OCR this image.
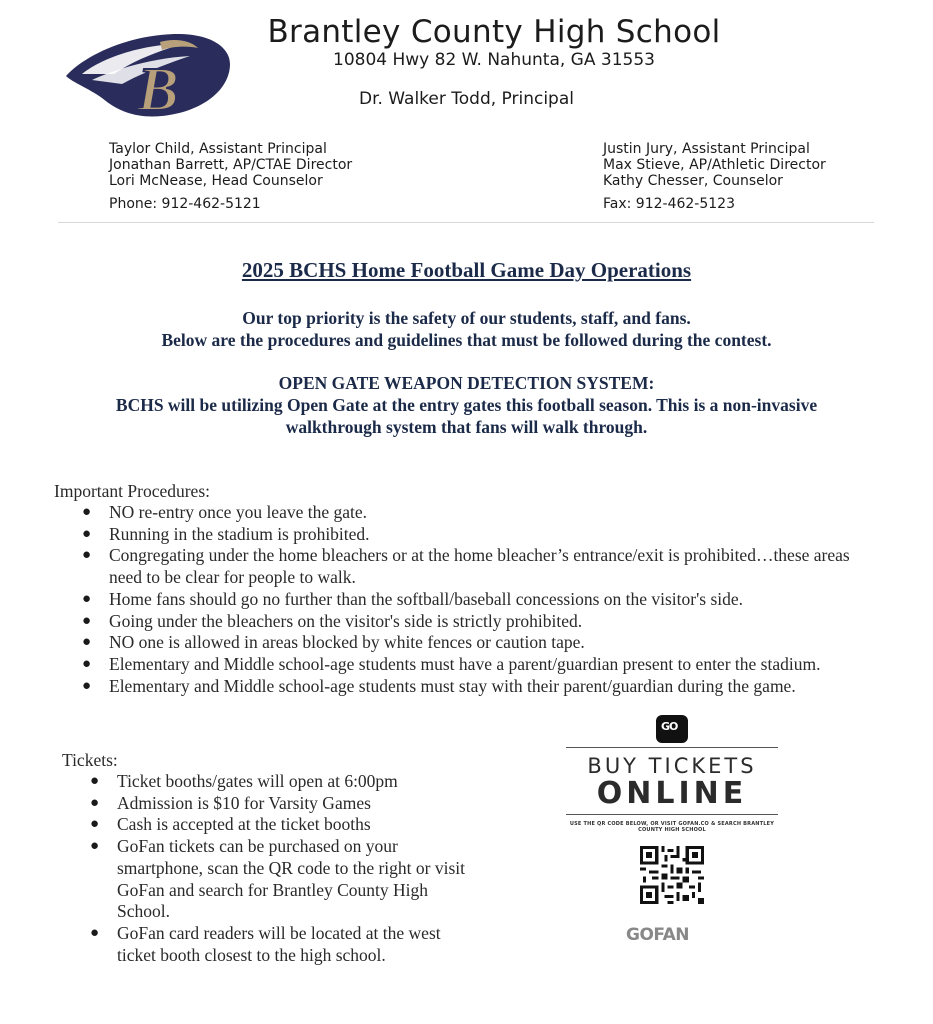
B
Brantley County High School
10804 Hwy 82 W. Nahunta, GA 31553
Dr. Walker Todd, Principal
Taylor Child, Assistant Principal
Jonathan Barrett, AP/CTAE Director
Lori McNease, Head Counselor
Justin Jury, Assistant Principal
Max Stieve, AP/Athletic Director
Kathy Chesser, Counselor
Phone: 912-462-5121	Fax: 912-462-5123
2025 BCHS Home Football Game Day Operations
Our top priority is the safety of our students, staff, and fans.
Below are the procedures and guidelines that must be followed during the contest.
OPEN GATE WEAPON DETECTION SYSTEM:
BCHS will be utilizing Open Gate at the entry gates this football season. This is a non-invasive
walkthrough system that fans will walk through.
Important Procedures:
● NO re-entry once you leave the gate.
● Running in the stadium is prohibited.
● Congregating under the home bleachers or at the home bleacher’s entrance/exit is prohibited…these areas need to be clear for people to walk.
● Home fans should go no further than the softball/baseball concessions on the visitor's side.
● Going under the bleachers on the visitor's side is strictly prohibited.
● NO one is allowed in areas blocked by white fences or caution tape.
● Elementary and Middle school-age students must have a parent/guardian present to enter the stadium.
● Elementary and Middle school-age students must stay with their parent/guardian during the game.
Tickets:
● Ticket booths/gates will open at 6:00pm
● Admission is $10 for Varsity Games
● Cash is accepted at the ticket booths
● GoFan tickets can be purchased on your smartphone, scan the QR code to the right or visit GoFan and search for Brantley County High School.
● GoFan card readers will be located at the west ticket booth closest to the high school.
GO
BUY TICKETS
ONLINE
USE THE QR CODE BELOW, OR VISIT GOFAN.CO & SEARCH BRANTLEY COUNTY HIGH SCHOOL
GOFAN
